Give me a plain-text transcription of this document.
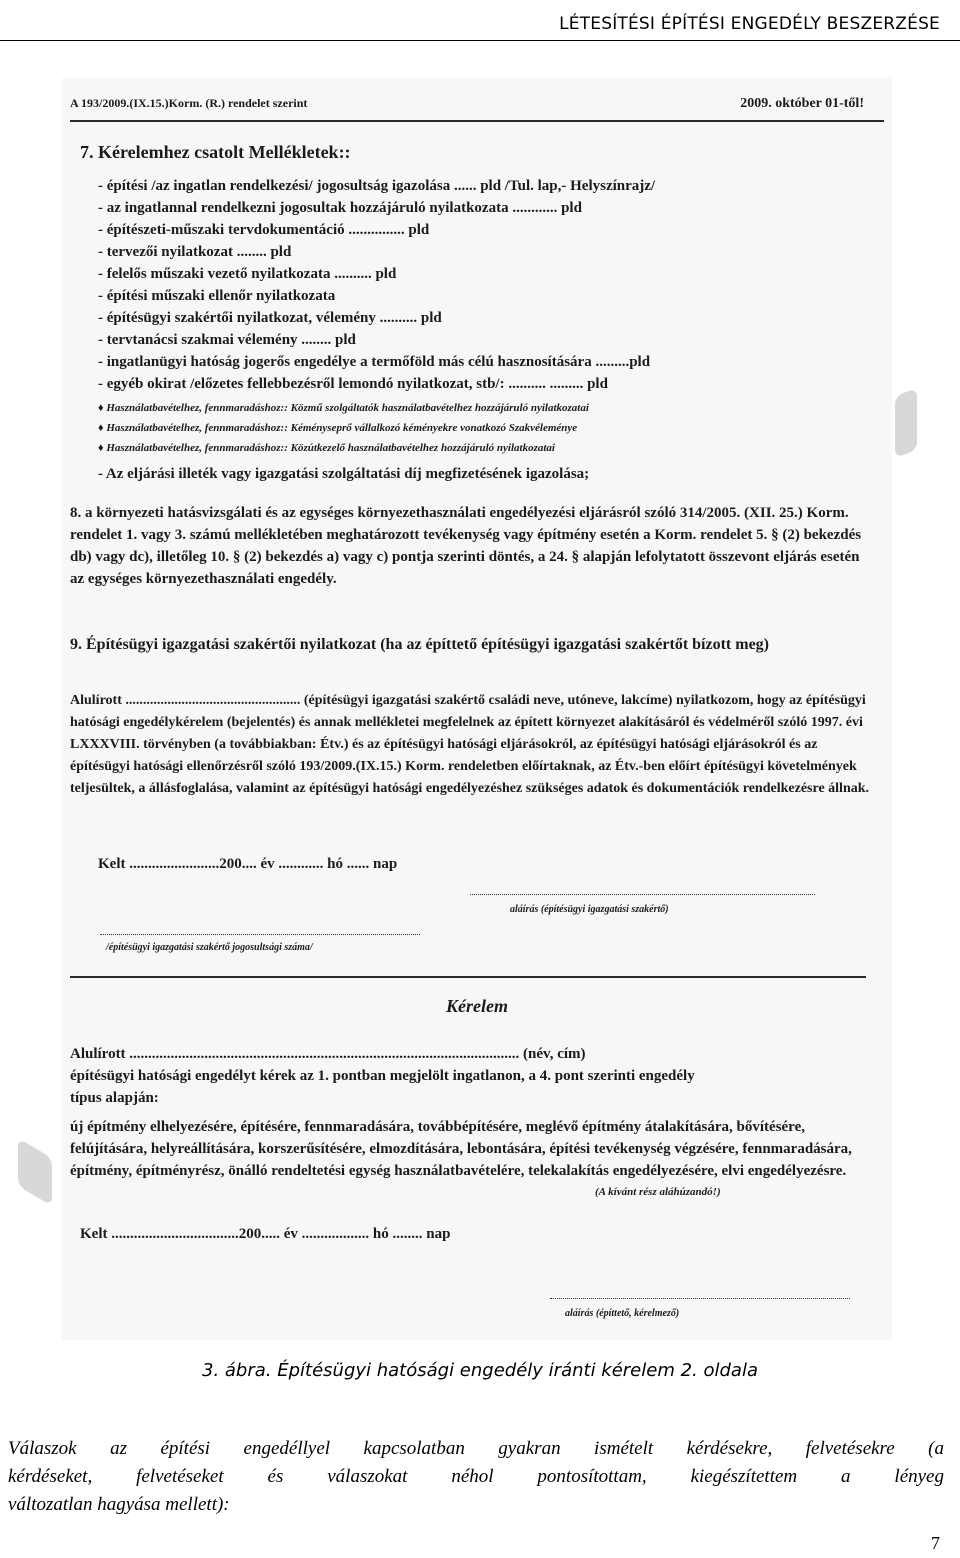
LÉTESÍTÉSI ÉPÍTÉSI ENGEDÉLY BESZERZÉSE
A 193/2009.(IX.15.)Korm. (R.) rendelet szerint	2009. október 01-től!
7. Kérelemhez csatolt Mellékletek::
- építési /az ingatlan rendelkezési/ jogosultság igazolása ...... pld /Tul. lap,- Helyszínrajz/
- az ingatlannal rendelkezni jogosultak hozzájáruló nyilatkozata ............ pld
- építészeti-műszaki tervdokumentáció ............... pld
- tervezői nyilatkozat ........ pld
- felelős műszaki vezető nyilatkozata .......... pld
- építési műszaki ellenőr nyilatkozata
- építésügyi szakértői nyilatkozat, vélemény .......... pld
- tervtanácsi szakmai vélemény ........ pld
- ingatlanügyi hatóság jogerős engedélye a termőföld más célú hasznosítására .........pld
- egyéb okirat /előzetes fellebbezésről lemondó nyilatkozat, stb/: .......... ......... pld
♦ Használatbavételhez, fennmaradáshoz:: Közmű szolgáltatók használatbavételhez hozzájáruló nyilatkozatai
♦ Használatbavételhez, fennmaradáshoz:: Kéményseprő vállalkozó kéményekre vonatkozó Szakvéleménye
♦ Használatbavételhez, fennmaradáshoz:: Közútkezelő használatbavételhez hozzájáruló nyilatkozatai
- Az eljárási illeték vagy igazgatási szolgáltatási díj megfizetésének igazolása;
8. a környezeti hatásvizsgálati és az egységes környezethasználati engedélyezési eljárásról szóló 314/2005. (XII. 25.) Korm. rendelet 1. vagy 3. számú mellékletében meghatározott tevékenység vagy építmény esetén a Korm. rendelet 5. § (2) bekezdés db) vagy dc), illetőleg 10. § (2) bekezdés a) vagy c) pontja szerinti döntés, a 24. § alapján lefolytatott összevont eljárás esetén az egységes környezethasználati engedély.
9. Építésügyi igazgatási szakértői nyilatkozat (ha az építtető építésügyi igazgatási szakértőt bízott meg)
Alulírott .................................................. (építésügyi igazgatási szakértő családi neve, utóneve, lakcíme) nyilatkozom, hogy az építésügyi hatósági engedélykérelem (bejelentés) és annak mellékletei megfelelnek az épített környezet alakításáról és védelméről szóló 1997. évi LXXXVIII. törvényben (a továbbiakban: Étv.) és az építésügyi hatósági eljárásokról, az építésügyi hatósági eljárásokról és az építésügyi hatósági ellenőrzésről szóló 193/2009.(IX.15.) Korm. rendeletben előírtaknak, az Étv.-ben előírt építésügyi követelmények teljesültek, a állásfoglalása, valamint az építésügyi hatósági engedélyezéshez szükséges adatok és dokumentációk rendelkezésre állnak.
Kelt ........................200.... év ............ hó ...... nap
aláírás (építésügyi igazgatási szakértő)
/építésügyi igazgatási szakértő jogosultsági száma/
Kérelem
Alulírott ........................................................................................................ (név, cím)
építésügyi hatósági engedélyt kérek az 1. pontban megjelölt ingatlanon, a 4. pont szerinti engedély
típus alapján:
új építmény elhelyezésére, építésére, fennmaradására, továbbépítésére, meglévő építmény átalakítására, bővítésére, felújítására, helyreállítására, korszerűsítésére, elmozdítására, lebontására, építési tevékenység végzésére, fennmaradására, építmény, építményrész, önálló rendeltetési egység használatbavételére, telekalakítás engedélyezésére, elvi engedélyezésre.
(A kívánt rész aláhúzandó!)
Kelt ..................................200..... év .................. hó ........ nap
aláírás (építtető, kérelmező)
3. ábra. Építésügyi hatósági engedély iránti kérelem 2. oldala
Válaszok az építési engedéllyel kapcsolatban gyakran ismételt kérdésekre, felvetésekre (a
kérdéseket, felvetéseket és válaszokat néhol pontosítottam, kiegészítettem a lényeg
változatlan hagyása mellett):
7
